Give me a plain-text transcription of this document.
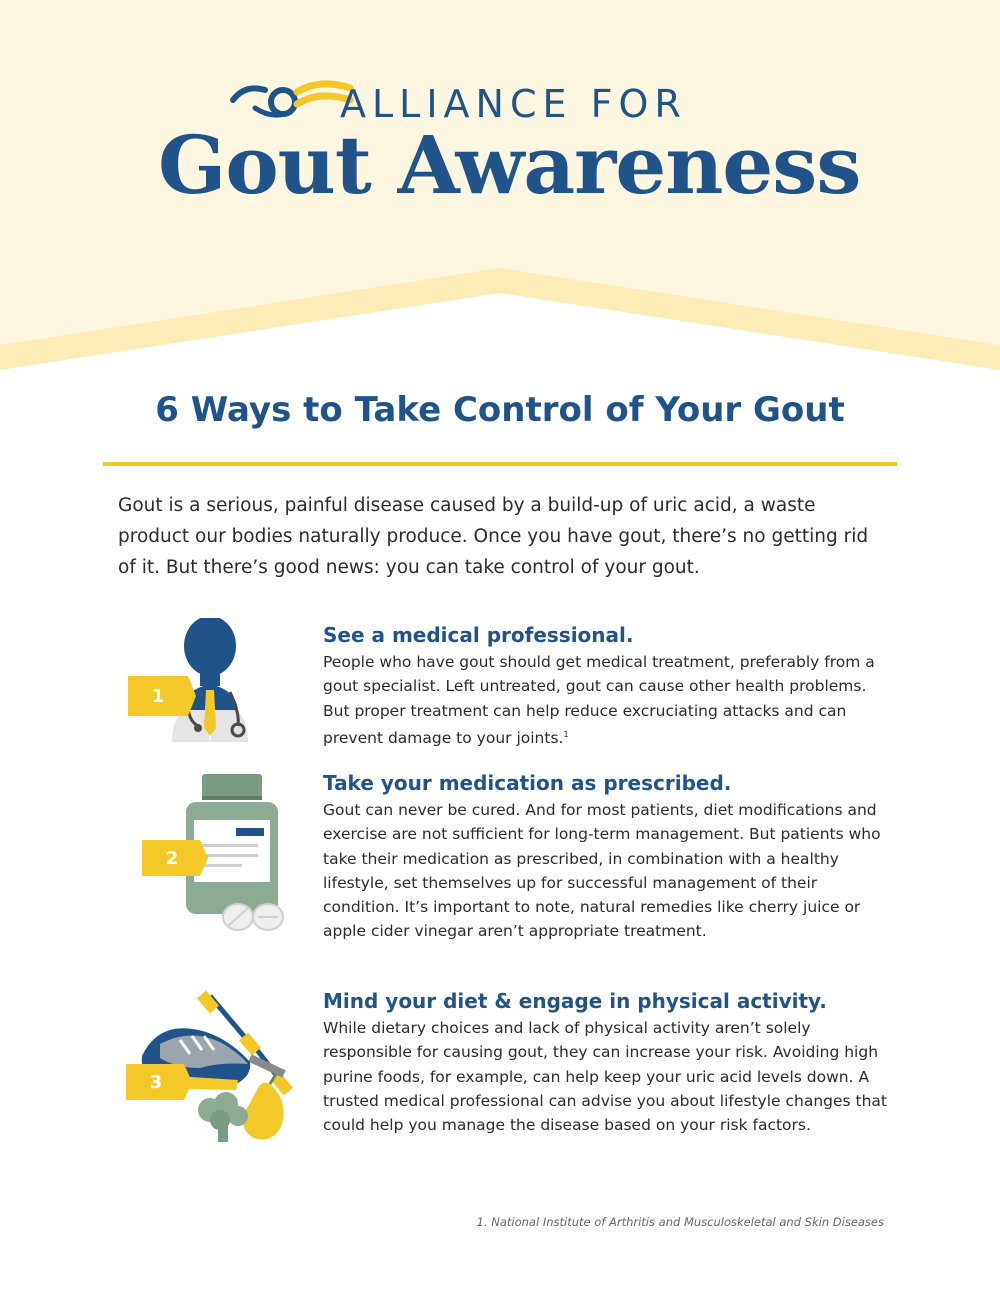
ALLIANCE FOR
Gout Awareness
6 Ways to Take Control of Your Gout

Gout is a serious, painful disease caused by a build-up of uric acid, a waste product our bodies naturally produce. Once you have gout, there’s no getting rid of it. But there’s good news: you can take control of your gout.

1
See a medical professional.

People who have gout should get medical treatment, preferably from a gout specialist. Left untreated, gout can cause other health problems. But proper treatment can help reduce excruciating attacks and can prevent damage to your joints.$^1$

2
Take your medication as prescribed.

Gout can never be cured. And for most patients, diet modifications and exercise are not sufficient for long-term management. But patients who take their medication as prescribed, in combination with a healthy lifestyle, set themselves up for successful management of their condition. It’s important to note, natural remedies like cherry juice or apple cider vinegar aren’t appropriate treatment.

3
Mind your diet & engage in physical activity.

While dietary choices and lack of physical activity aren’t solely responsible for causing gout, they can increase your risk. Avoiding high purine foods, for example, can help keep your uric acid levels down. A trusted medical professional can advise you about lifestyle changes that could help you manage the disease based on your risk factors.

1. National Institute of Arthritis and Musculoskeletal and Skin Diseases
